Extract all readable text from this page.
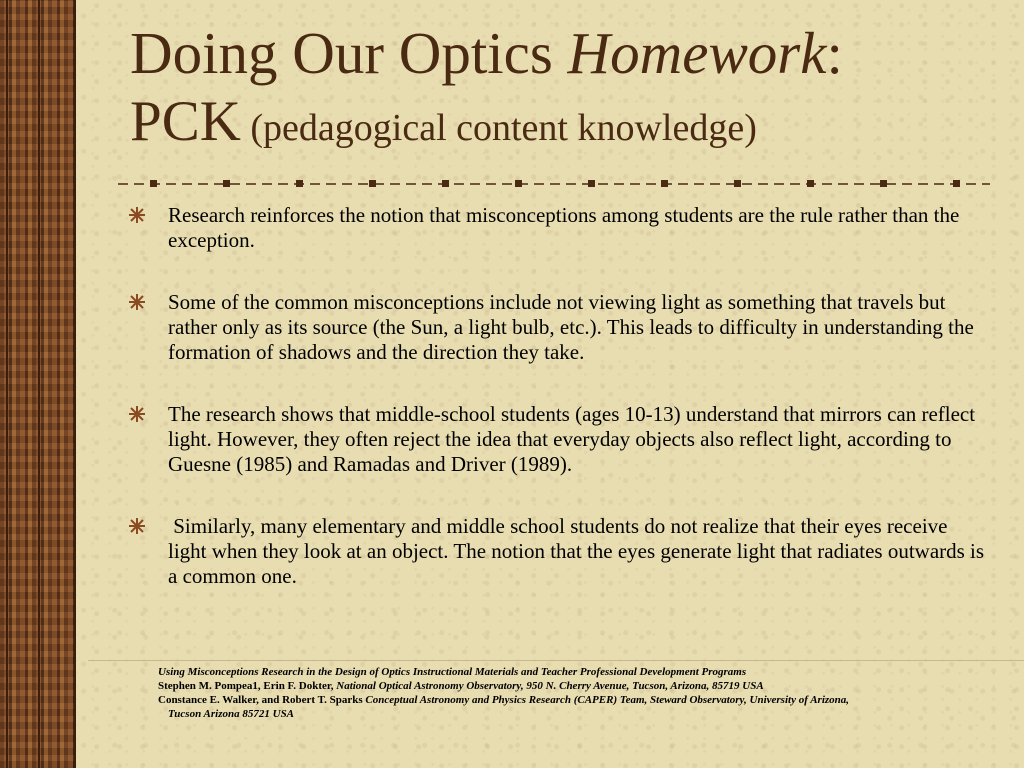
Doing Our Optics Homework:
PCK (pedagogical content knowledge)
Research reinforces the notion that misconceptions among students are the rule rather than the exception.
Some of the common misconceptions include not viewing light as something that travels but rather only as its source (the Sun, a light bulb, etc.). This leads to difficulty in understanding the formation of shadows and the direction they take.
The research shows that middle-school students (ages 10-13) understand that mirrors can reflect light. However, they often reject the idea that everyday objects also reflect light, according to Guesne (1985) and Ramadas and Driver (1989).
Similarly, many elementary and middle school students do not realize that their eyes receive light when they look at an object. The notion that the eyes generate light that radiates outwards is a common one.
Using Misconceptions Research in the Design of Optics Instructional Materials and Teacher Professional Development Programs
Stephen M. Pompea1, Erin F. Dokter, National Optical Astronomy Observatory, 950 N. Cherry Avenue, Tucson, Arizona, 85719 USA
Constance E. Walker, and Robert T. Sparks Conceptual Astronomy and Physics Research (CAPER) Team, Steward Observatory, University of Arizona,
Tucson Arizona 85721 USA
